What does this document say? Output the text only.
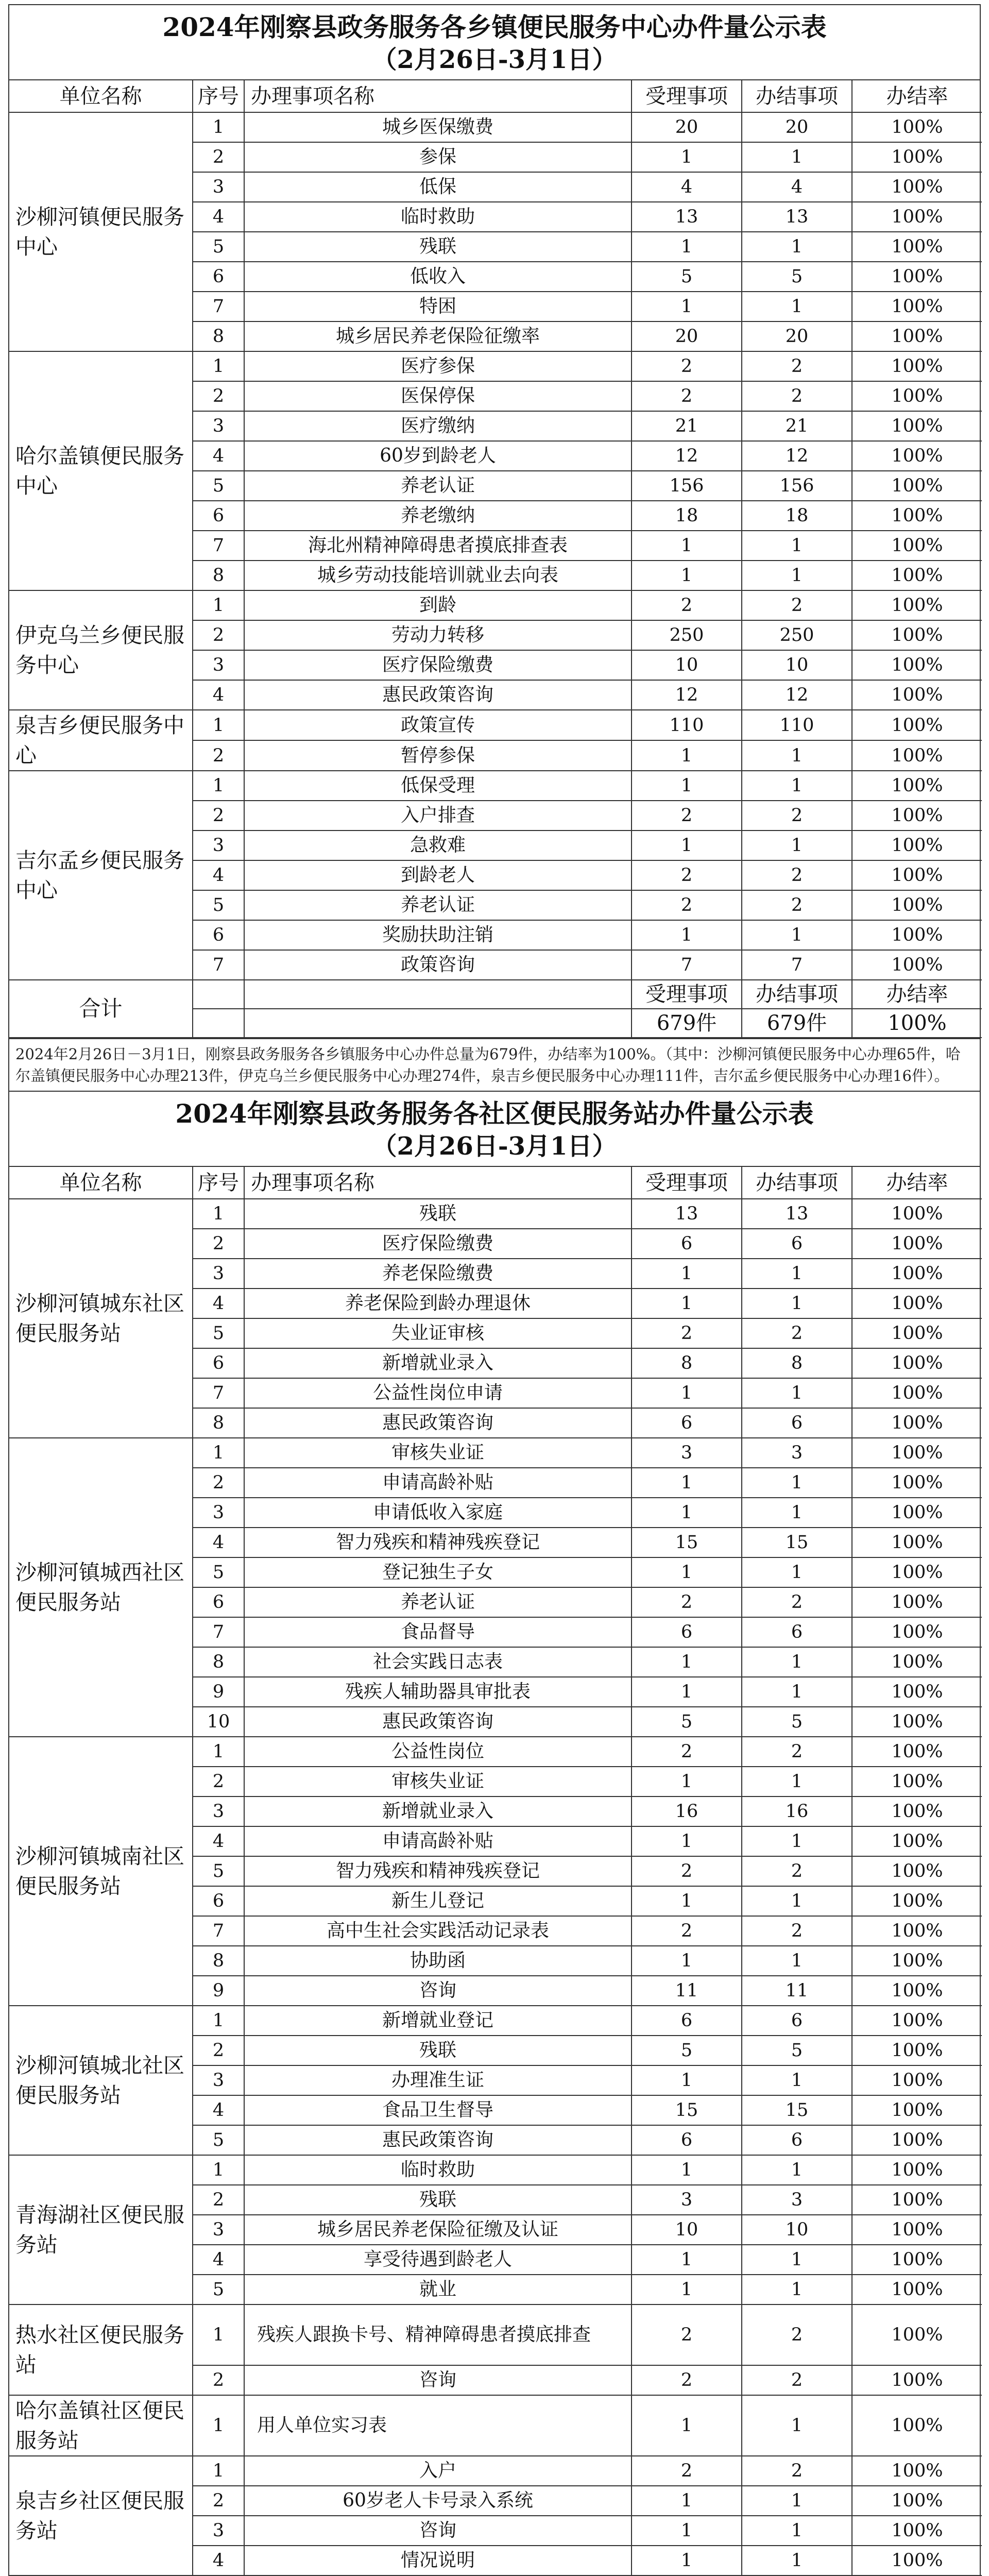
2024年刚察县政务服务各乡镇便民服务中心办件量公示表
（2月26日-3月1日）
单位名称	序号	办理事项名称	受理事项	办结事项	办结率
沙柳河镇便民服务中心	1	城乡医保缴费	20	20	100%
	2	参保	1	1	100%
	3	低保	4	4	100%
	4	临时救助	13	13	100%
	5	残联	1	1	100%
	6	低收入	5	5	100%
	7	特困	1	1	100%
	8	城乡居民养老保险征缴率	20	20	100%
哈尔盖镇便民服务中心	1	医疗参保	2	2	100%
	2	医保停保	2	2	100%
	3	医疗缴纳	21	21	100%
	4	60岁到龄老人	12	12	100%
	5	养老认证	156	156	100%
	6	养老缴纳	18	18	100%
	7	海北州精神障碍患者摸底排查表	1	1	100%
	8	城乡劳动技能培训就业去向表	1	1	100%
伊克乌兰乡便民服务中心	1	到龄	2	2	100%
	2	劳动力转移	250	250	100%
	3	医疗保险缴费	10	10	100%
	4	惠民政策咨询	12	12	100%
泉吉乡便民服务中心	1	政策宣传	110	110	100%
	2	暂停参保	1	1	100%
吉尔孟乡便民服务中心	1	低保受理	1	1	100%
	2	入户排查	2	2	100%
	3	急救难	1	1	100%
	4	到龄老人	2	2	100%
	5	养老认证	2	2	100%
	6	奖励扶助注销	1	1	100%
	7	政策咨询	7	7	100%
合计			受理事项	办结事项	办结率
			679件	679件	100%
2024年2月26日－3月1日，刚察县政务服务各乡镇服务中心办件总量为679件，办结率为100%。（其中：沙柳河镇便民服务中心办理65件，哈尔盖镇便民服务中心办理213件，伊克乌兰乡便民服务中心办理274件，泉吉乡便民服务中心办理111件，吉尔孟乡便民服务中心办理16件）。
2024年刚察县政务服务各社区便民服务站办件量公示表
（2月26日-3月1日）
单位名称	序号	办理事项名称	受理事项	办结事项	办结率
沙柳河镇城东社区便民服务站	1	残联	13	13	100%
	2	医疗保险缴费	6	6	100%
	3	养老保险缴费	1	1	100%
	4	养老保险到龄办理退休	1	1	100%
	5	失业证审核	2	2	100%
	6	新增就业录入	8	8	100%
	7	公益性岗位申请	1	1	100%
	8	惠民政策咨询	6	6	100%
沙柳河镇城西社区便民服务站	1	审核失业证	3	3	100%
	2	申请高龄补贴	1	1	100%
	3	申请低收入家庭	1	1	100%
	4	智力残疾和精神残疾登记	15	15	100%
	5	登记独生子女	1	1	100%
	6	养老认证	2	2	100%
	7	食品督导	6	6	100%
	8	社会实践日志表	1	1	100%
	9	残疾人辅助器具审批表	1	1	100%
	10	惠民政策咨询	5	5	100%
沙柳河镇城南社区便民服务站	1	公益性岗位	2	2	100%
	2	审核失业证	1	1	100%
	3	新增就业录入	16	16	100%
	4	申请高龄补贴	1	1	100%
	5	智力残疾和精神残疾登记	2	2	100%
	6	新生儿登记	1	1	100%
	7	高中生社会实践活动记录表	2	2	100%
	8	协助函	1	1	100%
	9	咨询	11	11	100%
沙柳河镇城北社区便民服务站	1	新增就业登记	6	6	100%
	2	残联	5	5	100%
	3	办理准生证	1	1	100%
	4	食品卫生督导	15	15	100%
	5	惠民政策咨询	6	6	100%
青海湖社区便民服务站	1	临时救助	1	1	100%
	2	残联	3	3	100%
	3	城乡居民养老保险征缴及认证	10	10	100%
	4	享受待遇到龄老人	1	1	100%
	5	就业	1	1	100%
热水社区便民服务站	1	残疾人跟换卡号、精神障碍患者摸底排查	2	2	100%
	2	咨询	2	2	100%
哈尔盖镇社区便民服务站	1	用人单位实习表	1	1	100%
泉吉乡社区便民服务站	1	入户	2	2	100%
	2	60岁老人卡号录入系统	1	1	100%
	3	咨询	1	1	100%
	4	情况说明	1	1	100%
